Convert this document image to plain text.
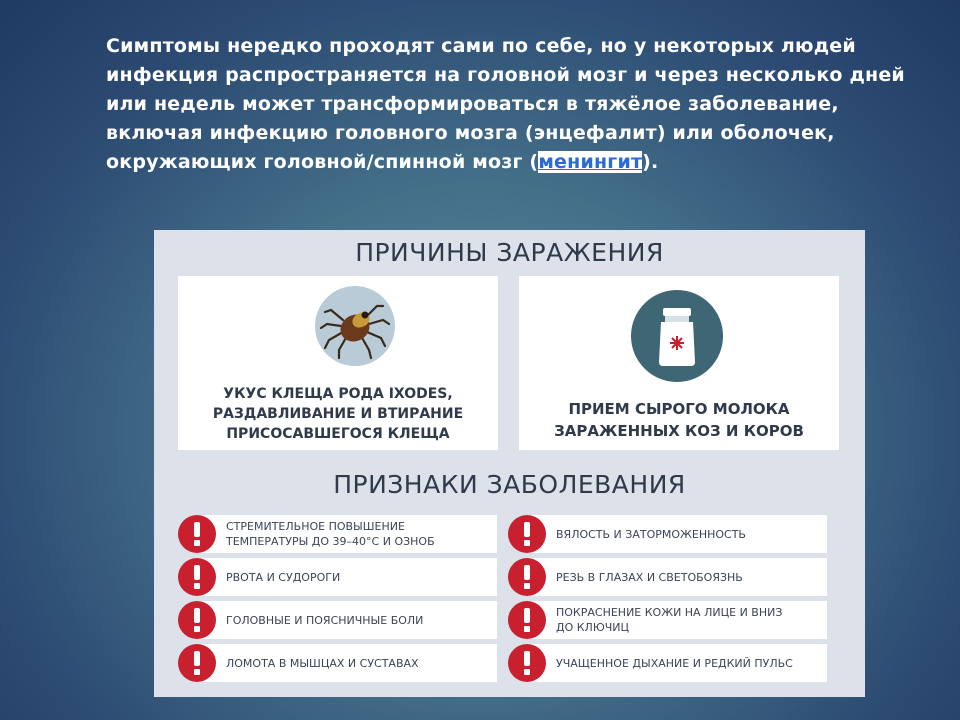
Симптомы нередко проходят сами по себе, но у некоторых людей инфекция распространяется на головной мозг и через несколько дней или недель может трансформироваться в тяжёлое заболевание, включая инфекцию головного мозга (энцефалит) или оболочек, окружающих головной/спинной мозг (менингит).
ПРИЧИНЫ ЗАРАЖЕНИЯ
УКУС КЛЕЩА РОДА IXODES,
РАЗДАВЛИВАНИЕ И ВТИРАНИЕ
ПРИСОСАВШЕГОСЯ КЛЕЩА
ПРИЕМ СЫРОГО МОЛОКА
ЗАРАЖЕННЫХ КОЗ И КОРОВ
ПРИЗНАКИ ЗАБОЛЕВАНИЯ
СТРЕМИТЕЛЬНОЕ ПОВЫШЕНИЕ
ТЕМПЕРАТУРЫ ДО 39–40°С И ОЗНОБ
РВОТА И СУДОРОГИ
ГОЛОВНЫЕ И ПОЯСНИЧНЫЕ БОЛИ
ЛОМОТА В МЫШЦАХ И СУСТАВАХ
ВЯЛОСТЬ И ЗАТОРМОЖЕННОСТЬ
РЕЗЬ В ГЛАЗАХ И СВЕТОБОЯЗНЬ
ПОКРАСНЕНИЕ КОЖИ НА ЛИЦЕ И ВНИЗ
ДО КЛЮЧИЦ
УЧАЩЕННОЕ ДЫХАНИЕ И РЕДКИЙ ПУЛЬС
